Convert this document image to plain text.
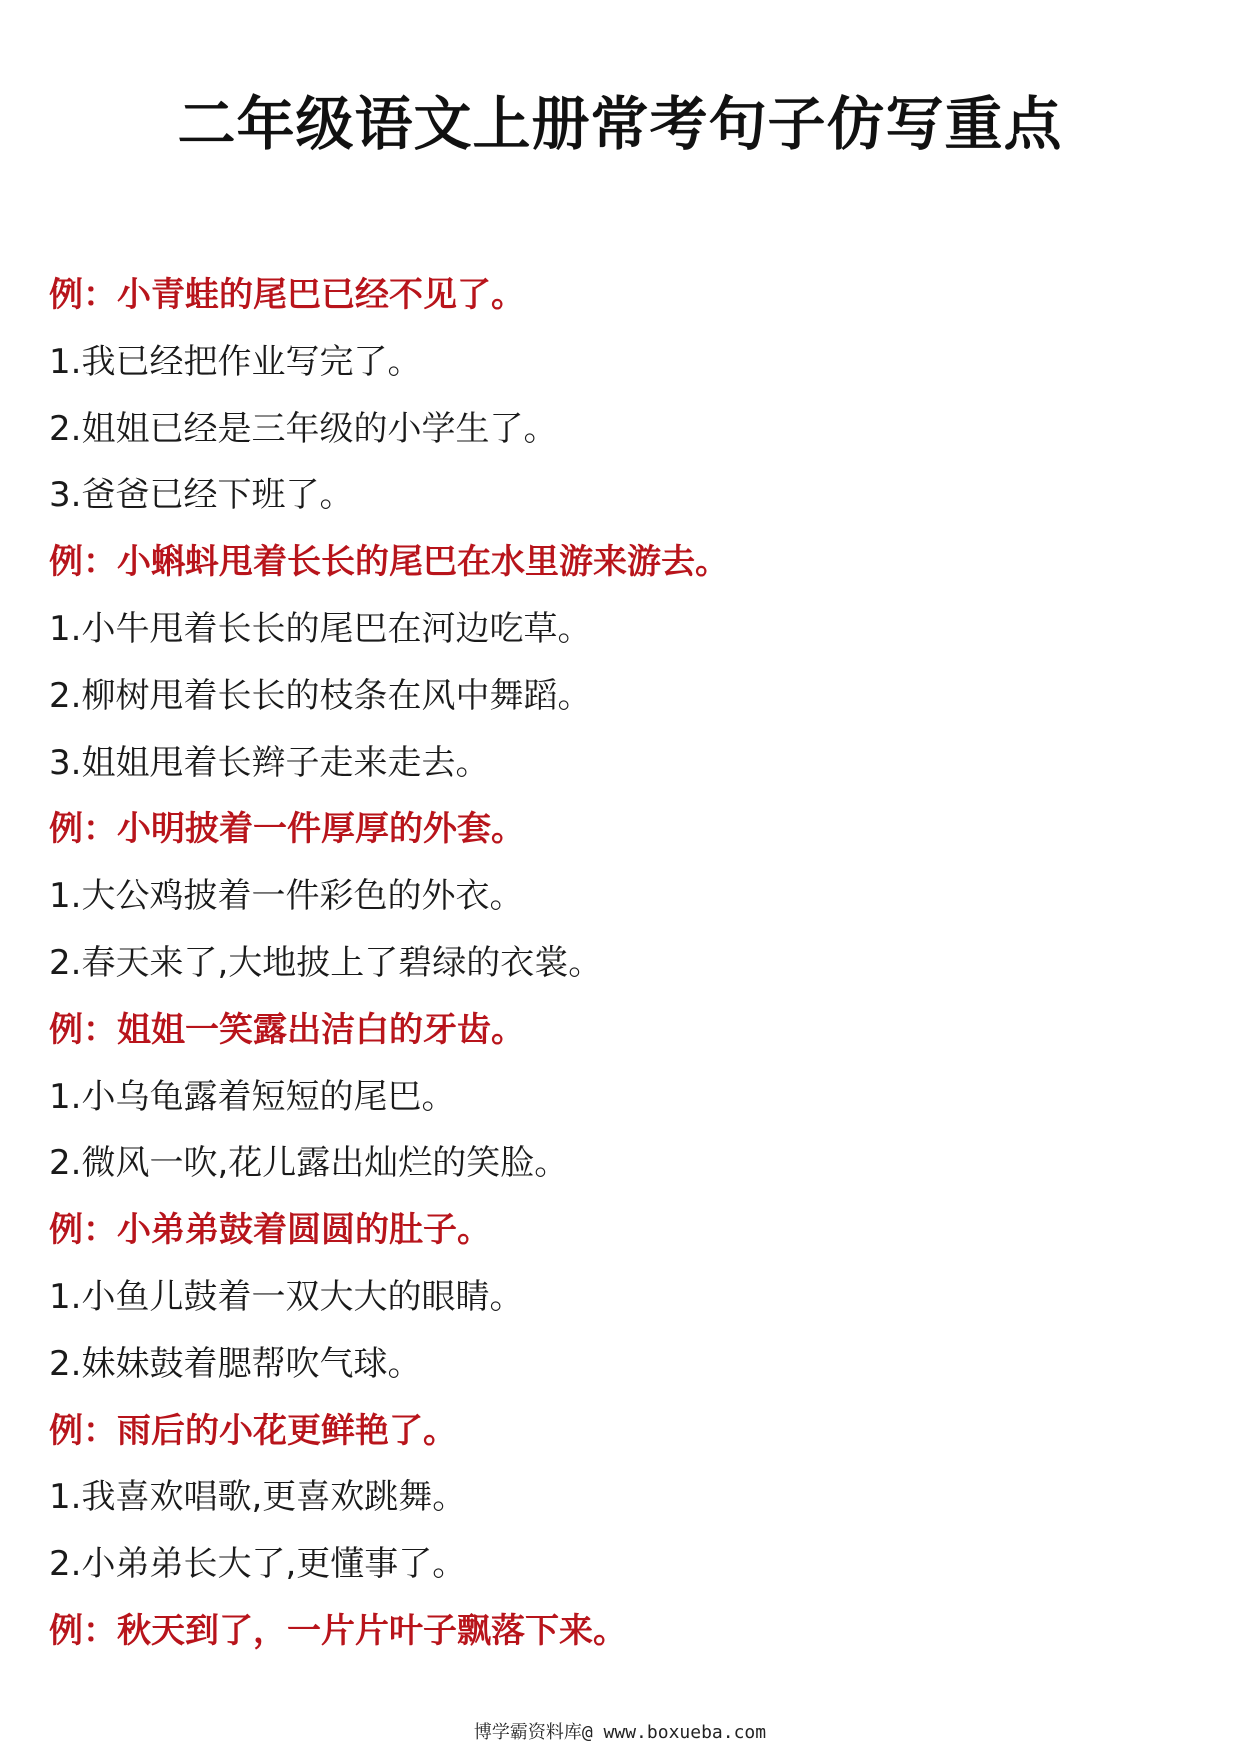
二年级语文上册常考句子仿写重点
例：小青蛙的尾巴已经不见了。
1.我已经把作业写完了。
2.姐姐已经是三年级的小学生了。
3.爸爸已经下班了。
例：小蝌蚪甩着长长的尾巴在水里游来游去。
1.小牛甩着长长的尾巴在河边吃草。
2.柳树甩着长长的枝条在风中舞蹈。
3.姐姐甩着长辫子走来走去。
例：小明披着一件厚厚的外套。
1.大公鸡披着一件彩色的外衣。
2.春天来了,大地披上了碧绿的衣裳。
例：姐姐一笑露出洁白的牙齿。
1.小乌龟露着短短的尾巴。
2.微风一吹,花儿露出灿烂的笑脸。
例：小弟弟鼓着圆圆的肚子。
1.小鱼儿鼓着一双大大的眼睛。
2.妹妹鼓着腮帮吹气球。
例：雨后的小花更鲜艳了。
1.我喜欢唱歌,更喜欢跳舞。
2.小弟弟长大了,更懂事了。
例：秋天到了，一片片叶子飘落下来。
博学霸资料库@ www.boxueba.com
